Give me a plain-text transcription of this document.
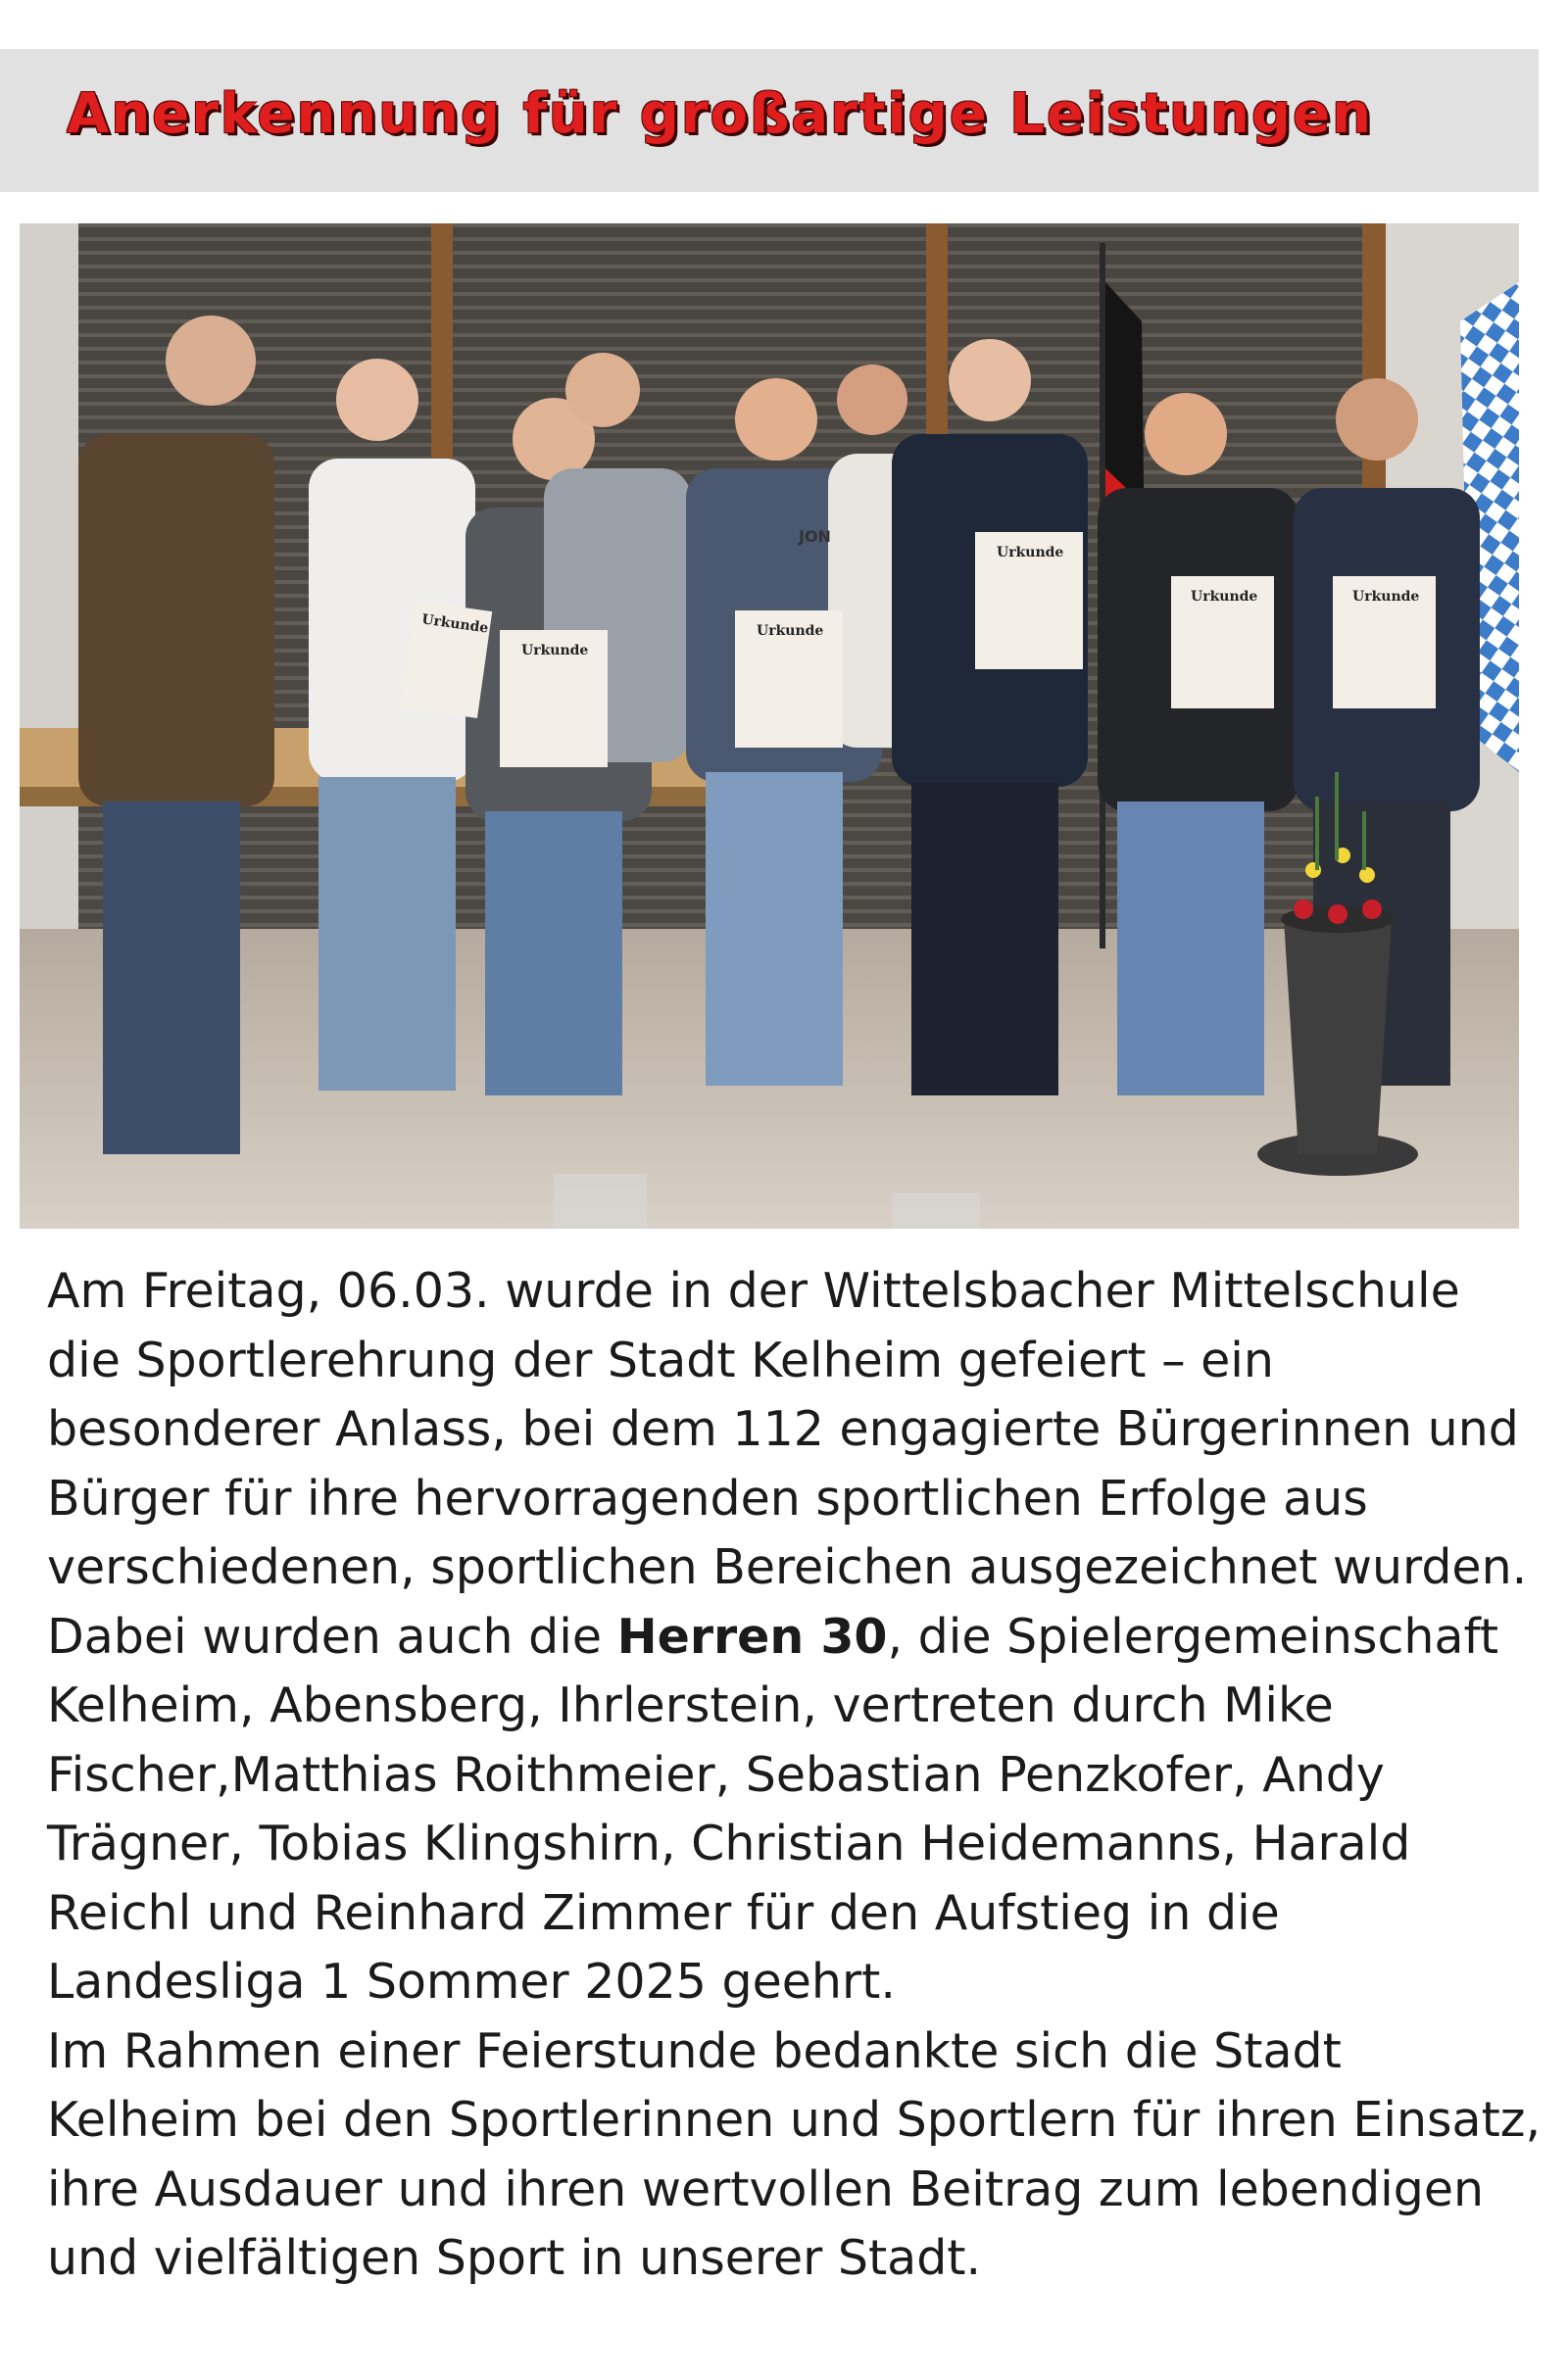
Anerkennung für großartige Leistungen
Urkunde
Urkunde
Urkunde
Urkunde
Urkunde	Urkunde
JON

Am Freitag, 06.03. wurde in der Wittelsbacher Mittelschule die Sportlerehrung der Stadt Kelheim gefeiert – ein besonderer Anlass, bei dem 112 engagierte Bürgerinnen und Bürger für ihre hervorragenden sportlichen Erfolge aus verschiedenen, sportlichen Bereichen ausgezeichnet wurden. Dabei wurden auch die Herren 30, die Spielergemeinschaft Kelheim, Abensberg, Ihrlerstein, vertreten durch Mike Fischer,Matthias Roithmeier, Sebastian Penzkofer, Andy Trägner, Tobias Klingshirn, Christian Heidemanns, Harald Reichl und Reinhard Zimmer für den Aufstieg in die Landesliga 1 Sommer 2025 geehrt.

Im Rahmen einer Feierstunde bedankte sich die Stadt Kelheim bei den Sportlerinnen und Sportlern für ihren Einsatz, ihre Ausdauer und ihren wertvollen Beitrag zum lebendigen und vielfältigen Sport in unserer Stadt.
